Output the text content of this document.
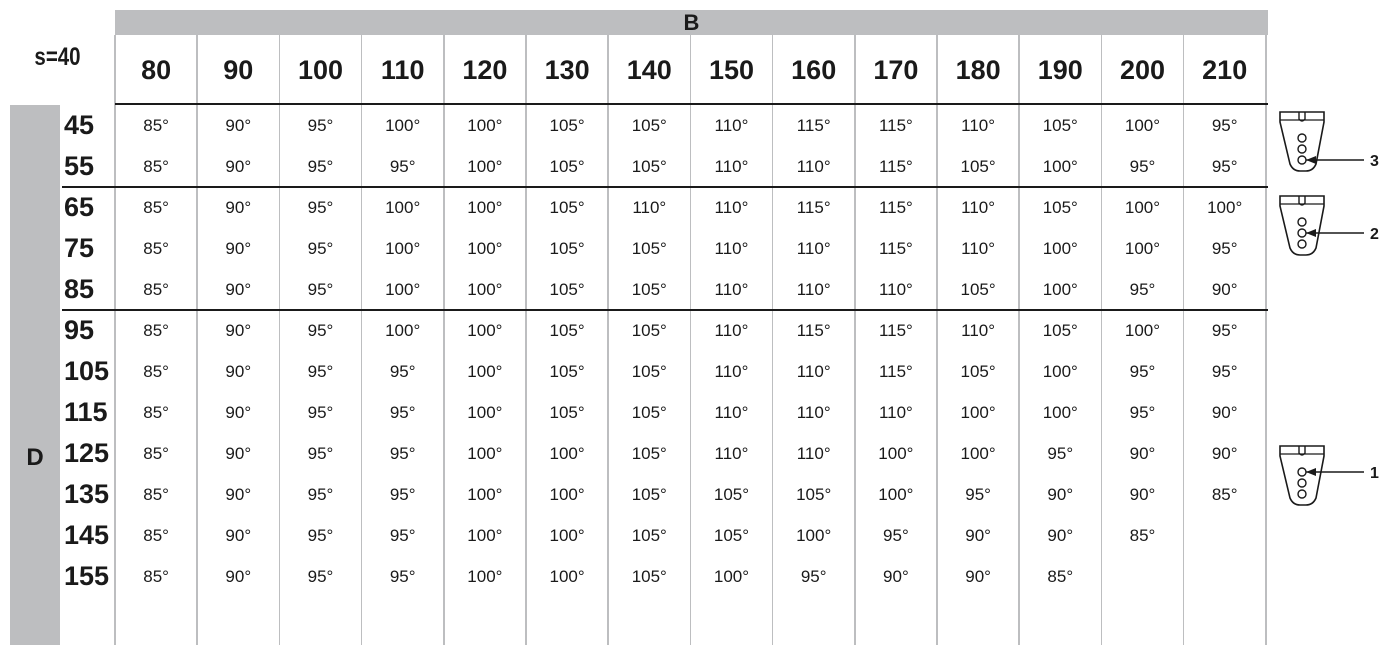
s=40
B
80	90	100	110	120	130	140	150	160	170	180	190	200	210
D
45	85°	90°	95°	100°	100°	105°	105°	110°	115°	115°	110°	105°	100°	95°
55	85°	90°	95°	95°	100°	105°	105°	110°	110°	115°	105°	100°	95°	95°
65	85°	90°	95°	100°	100°	105°	110°	110°	115°	115°	110°	105°	100°	100°
75	85°	90°	95°	100°	100°	105°	105°	110°	110°	115°	110°	100°	100°	95°
85	85°	90°	95°	100°	100°	105°	105°	110°	110°	110°	105°	100°	95°	90°
95	85°	90°	95°	100°	100°	105°	105°	110°	115°	115°	110°	105°	100°	95°
105	85°	90°	95°	95°	100°	105°	105°	110°	110°	115°	105°	100°	95°	95°
115	85°	90°	95°	95°	100°	105°	105°	110°	110°	110°	100°	100°	95°	90°
125	85°	90°	95°	95°	100°	100°	105°	110°	110°	100°	100°	95°	90°	90°
135	85°	90°	95°	95°	100°	100°	105°	105°	105°	100°	95°	90°	90°	85°
145	85°	90°	95°	95°	100°	100°	105°	105°	100°	95°	90°	90°	85°
155	85°	90°	95°	95°	100°	100°	105°	100°	95°	90°	90°	85°
3
2
1
